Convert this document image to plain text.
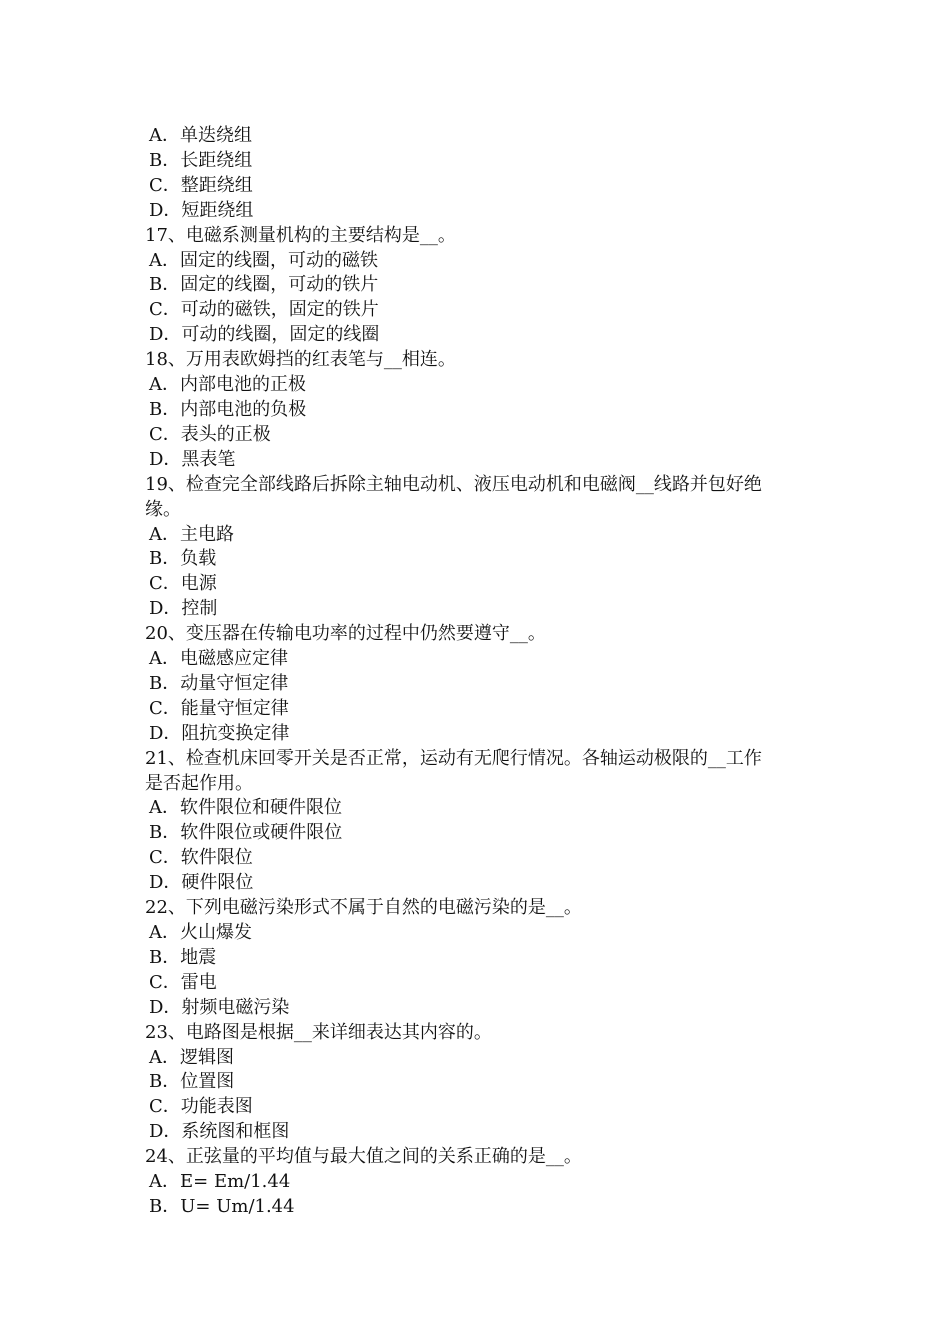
A．单迭绕组
B．长距绕组
C．整距绕组
D．短距绕组
17、电磁系测量机构的主要结构是__。
A．固定的线圈，可动的磁铁
B．固定的线圈，可动的铁片
C．可动的磁铁，固定的铁片
D．可动的线圈，固定的线圈
18、万用表欧姆挡的红表笔与__相连。
A．内部电池的正极
B．内部电池的负极
C．表头的正极
D．黑表笔
19、检查完全部线路后拆除主轴电动机、液压电动机和电磁阀__线路并包好绝
缘。
A．主电路
B．负载
C．电源
D．控制
20、变压器在传输电功率的过程中仍然要遵守__。
A．电磁感应定律
B．动量守恒定律
C．能量守恒定律
D．阻抗变换定律
21、检查机床回零开关是否正常，运动有无爬行情况。各轴运动极限的__工作
是否起作用。
A．软件限位和硬件限位
B．软件限位或硬件限位
C．软件限位
D．硬件限位
22、下列电磁污染形式不属于自然的电磁污染的是__。
A．火山爆发
B．地震
C．雷电
D．射频电磁污染
23、电路图是根据__来详细表达其内容的。
A．逻辑图
B．位置图
C．功能表图
D．系统图和框图
24、正弦量的平均值与最大值之间的关系正确的是__。
A．E= Em/1.44
B．U= Um/1.44
